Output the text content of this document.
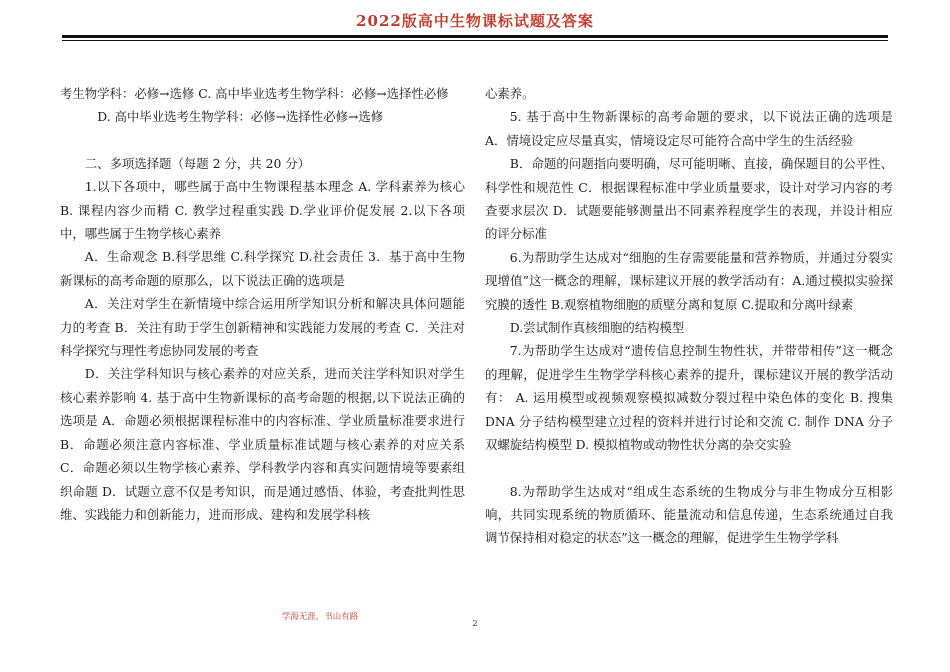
2022版高中生物课标试题及答案

考生物学科：必修→选修 C. 高中毕业选考生物学科：必修→选择性必修

D. 高中毕业选考生物学科：必修→选择性必修→选修

二、多项选择题（每题 2 分，共 20 分）

1.以下各项中，哪些属于高中生物课程基本理念 A. 学科素养为核心 B. 课程内容少而精 C. 教学过程重实践 D.学业评价促发展 2.以下各项中，哪些属于生物学核心素养

A．生命观念 B.科学思维 C.科学探究 D.社会责任 3．基于高中生物新课标的高考命题的原那么，以下说法正确的选项是

A．关注对学生在新情境中综合运用所学知识分析和解决具体问题能力的考查 B．关注有助于学生创新精神和实践能力发展的考查 C．关注对科学探究与理性考虑协同发展的考查

D．关注学科知识与核心素养的对应关系，进而关注学科知识对学生核心素养影响 4. 基于高中生物新课标的高考命题的根据,以下说法正确的选项是 A．命题必须根据课程标准中的内容标准、学业质量标准要求进行 B．命题必须注意内容标准、学业质量标准试题与核心素养的对应关系 C．命题必须以生物学核心素养、学科教学内容和真实问题情境等要素组织命题 D．试题立意不仅是考知识，而是通过感悟、体验，考查批判性思维、实践能力和创新能力，进而形成、建构和发展学科核

心素养。

5. 基于高中生物新课标的高考命题的要求，以下说法正确的选项是 A．情境设定应尽量真实，情境设定尽可能符合高中学生的生活经验

B．命题的问题指向要明确，尽可能明晰、直接，确保题目的公平性、科学性和规范性 C．根据课程标准中学业质量要求，设计对学习内容的考查要求层次 D．试题要能够测量出不同素养程度学生的表现，并设计相应的评分标准

6.为帮助学生达成对“细胞的生存需要能量和营养物质，并通过分裂实现增值”这一概念的理解，课标建议开展的教学活动有：A.通过模拟实验探究膜的透性 B.观察植物细胞的质壁分离和复原 C.提取和分离叶绿素

D.尝试制作真核细胞的结构模型

7.为帮助学生达成对“遗传信息控制生物性状，并带带相传”这一概念的理解，促进学生生物学学科核心素养的提升，课标建议开展的教学活动有： A. 运用模型或视频观察模拟减数分裂过程中染色体的变化 B. 搜集 DNA 分子结构模型建立过程的资料并进行讨论和交流 C. 制作 DNA 分子双螺旋结构模型 D. 模拟植物或动物性状分离的杂交实验

8.为帮助学生达成对“组成生态系统的生物成分与非生物成分互相影响，共同实现系统的物质循环、能量流动和信息传递，生态系统通过自我调节保持相对稳定的状态”这一概念的理解，促进学生生物学学科

学海无涯，书山有路
2
